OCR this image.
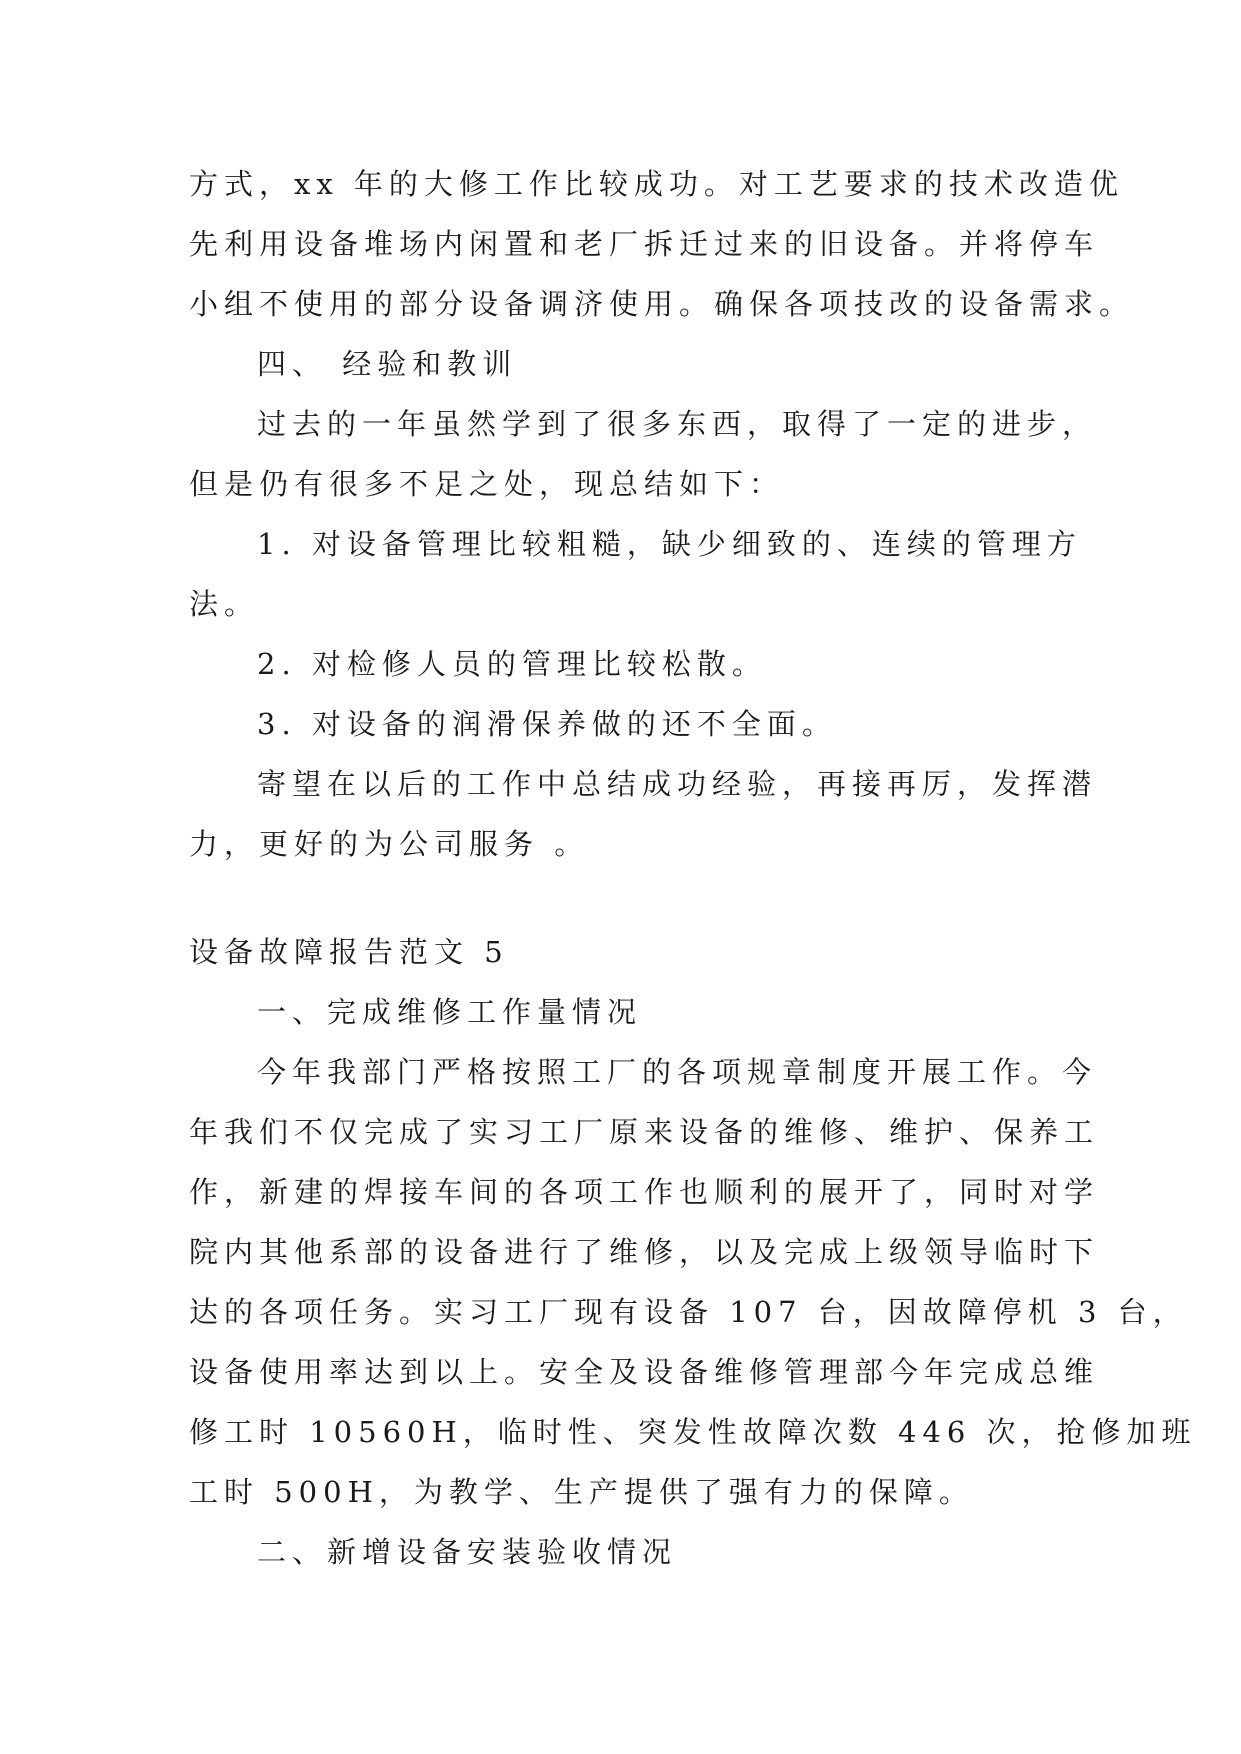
方式，xx 年的大修工作比较成功。对工艺要求的技术改造优
先利用设备堆场内闲置和老厂拆迁过来的旧设备。并将停车
小组不使用的部分设备调济使用。确保各项技改的设备需求。
四、 经验和教训
过去的一年虽然学到了很多东西，取得了一定的进步，
但是仍有很多不足之处，现总结如下：
1. 对设备管理比较粗糙，缺少细致的、连续的管理方
法。
2. 对检修人员的管理比较松散。
3. 对设备的润滑保养做的还不全面。
寄望在以后的工作中总结成功经验，再接再厉，发挥潜
力，更好的为公司服务 。
设备故障报告范文 5
一、完成维修工作量情况
今年我部门严格按照工厂的各项规章制度开展工作。今
年我们不仅完成了实习工厂原来设备的维修、维护、保养工
作，新建的焊接车间的各项工作也顺利的展开了，同时对学
院内其他系部的设备进行了维修，以及完成上级领导临时下
达的各项任务。实习工厂现有设备 107 台，因故障停机 3 台，
设备使用率达到以上。安全及设备维修管理部今年完成总维
修工时 10560H，临时性、突发性故障次数 446 次，抢修加班
工时 500H，为教学、生产提供了强有力的保障。
二、新增设备安装验收情况
